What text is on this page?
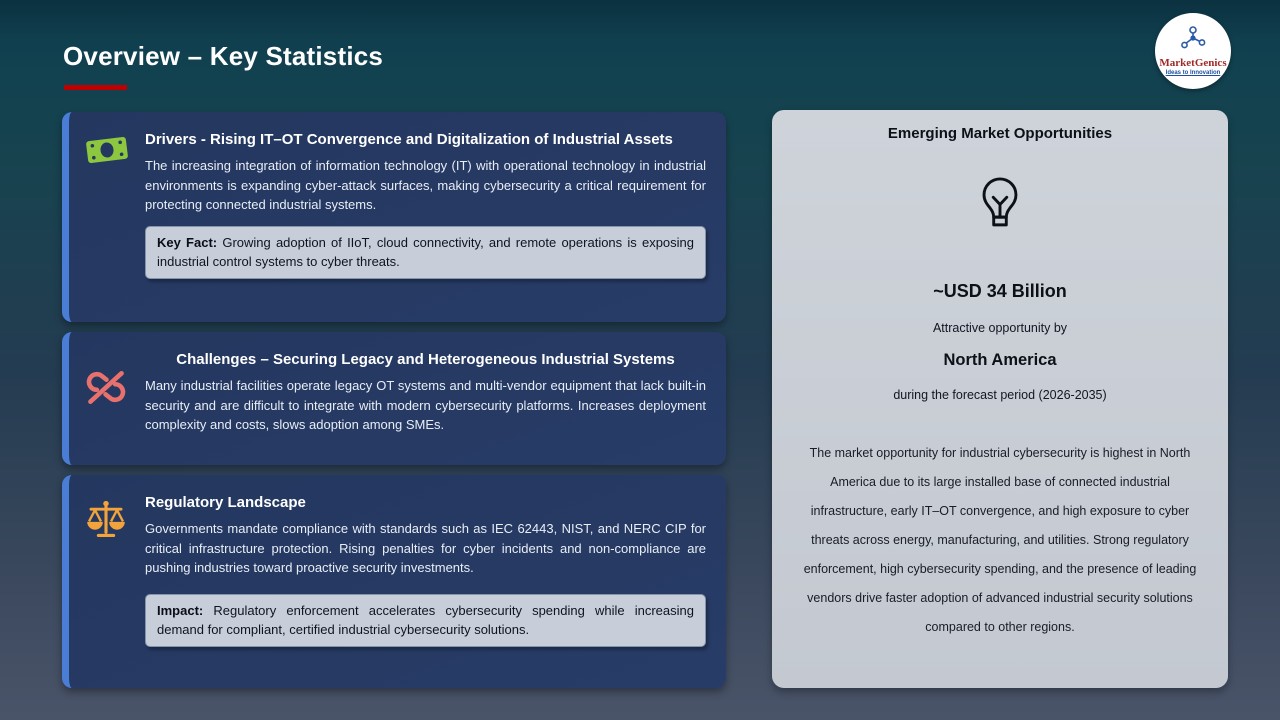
Overview – Key Statistics	MarketGenics
Ideas to Innovation
Drivers - Rising IT–OT Convergence and Digitalization of Industrial Assets
The increasing integration of information technology (IT) with operational technology in industrial environments is expanding cyber-attack surfaces, making cybersecurity a critical requirement for protecting connected industrial systems.
Key Fact: Growing adoption of IIoT, cloud connectivity, and remote operations is exposing industrial control systems to cyber threats.
Challenges – Securing Legacy and Heterogeneous Industrial Systems
Many industrial facilities operate legacy OT systems and multi-vendor equipment that lack built-in security and are difficult to integrate with modern cybersecurity platforms. Increases deployment complexity and costs, slows adoption among SMEs.
Regulatory Landscape
Governments mandate compliance with standards such as IEC 62443, NIST, and NERC CIP for critical infrastructure protection. Rising penalties for cyber incidents and non-compliance are pushing industries toward proactive security investments.
Impact: Regulatory enforcement accelerates cybersecurity spending while increasing demand for compliant, certified industrial cybersecurity solutions.
Emerging Market Opportunities
~USD 34 Billion
Attractive opportunity by
North America
during the forecast period (2026-2035)
The market opportunity for industrial cybersecurity is highest in North America due to its large installed base of connected industrial infrastructure, early IT–OT convergence, and high exposure to cyber threats across energy, manufacturing, and utilities. Strong regulatory enforcement, high cybersecurity spending, and the presence of leading vendors drive faster adoption of advanced industrial security solutions compared to other regions.
